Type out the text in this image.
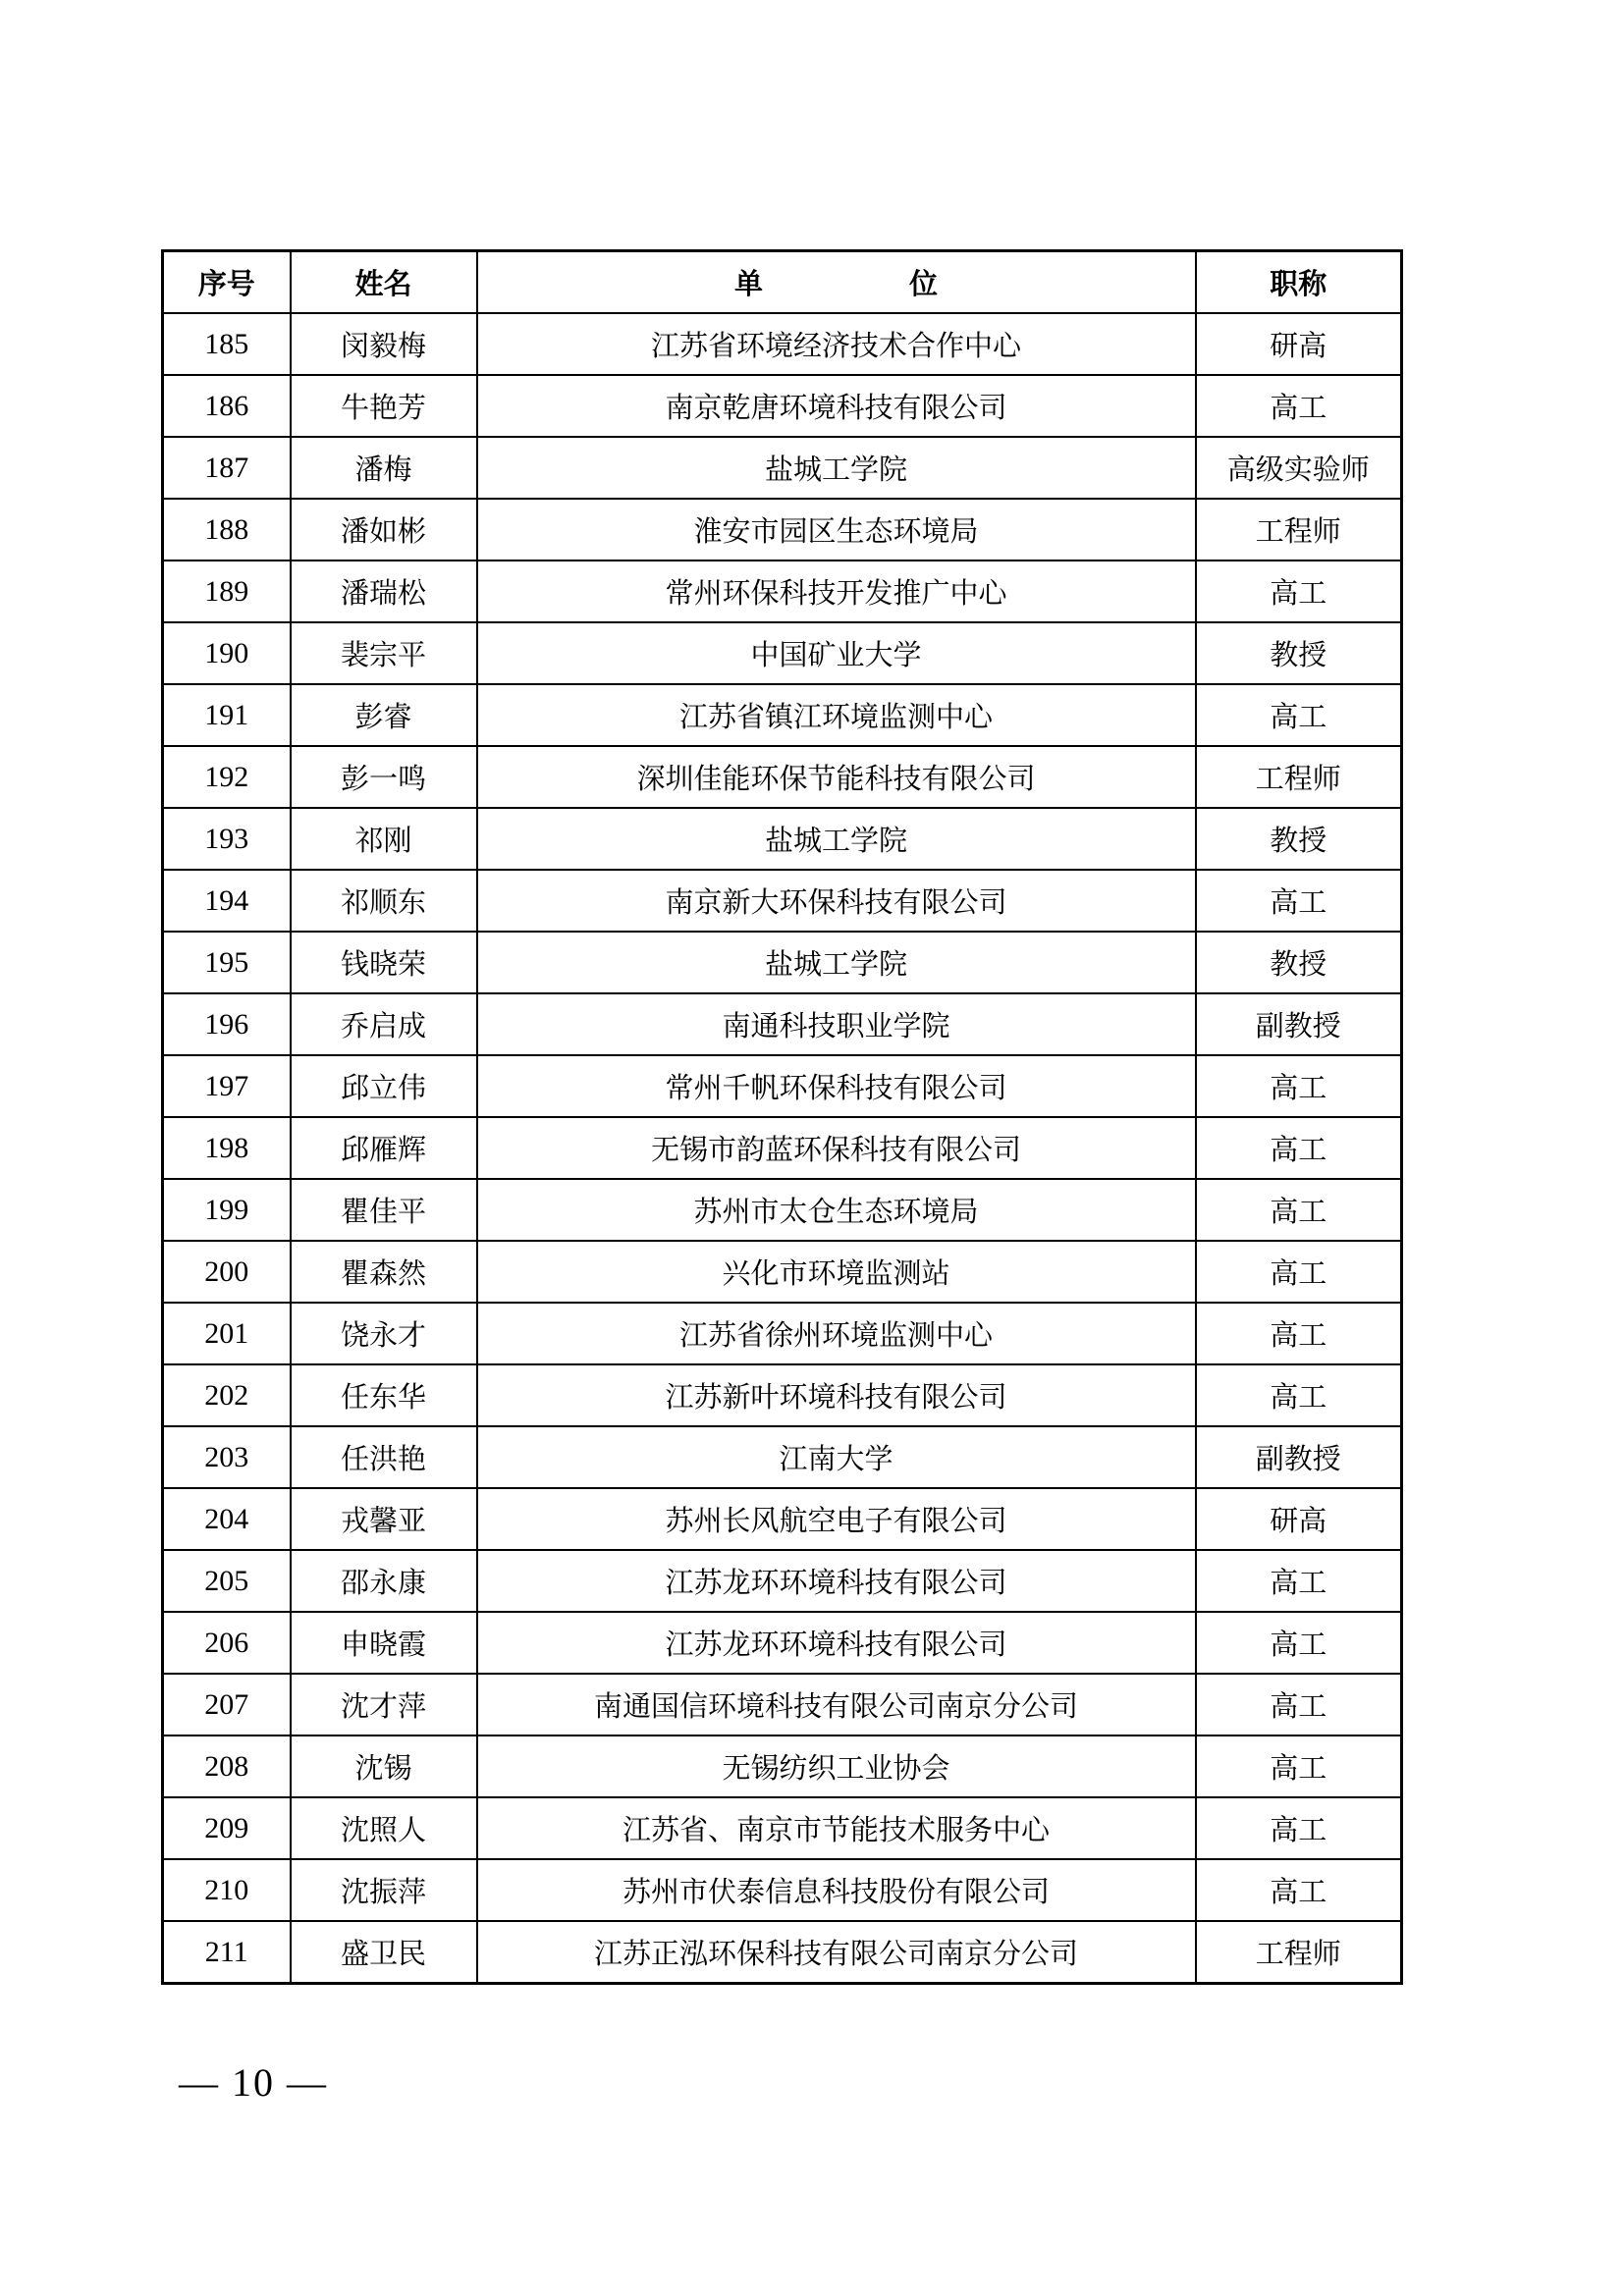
序号	姓名	单　位	职称
185	闵毅梅	江苏省环境经济技术合作中心	研高
186	牛艳芳	南京乾唐环境科技有限公司	高工
187	潘梅	盐城工学院	高级实验师
188	潘如彬	淮安市园区生态环境局	工程师
189	潘瑞松	常州环保科技开发推广中心	高工
190	裴宗平	中国矿业大学	教授
191	彭睿	江苏省镇江环境监测中心	高工
192	彭一鸣	深圳佳能环保节能科技有限公司	工程师
193	祁刚	盐城工学院	教授
194	祁顺东	南京新大环保科技有限公司	高工
195	钱晓荣	盐城工学院	教授
196	乔启成	南通科技职业学院	副教授
197	邱立伟	常州千帆环保科技有限公司	高工
198	邱雁辉	无锡市韵蓝环保科技有限公司	高工
199	瞿佳平	苏州市太仓生态环境局	高工
200	瞿森然	兴化市环境监测站	高工
201	饶永才	江苏省徐州环境监测中心	高工
202	任东华	江苏新叶环境科技有限公司	高工
203	任洪艳	江南大学	副教授
204	戎馨亚	苏州长风航空电子有限公司	研高
205	邵永康	江苏龙环环境科技有限公司	高工
206	申晓霞	江苏龙环环境科技有限公司	高工
207	沈才萍	南通国信环境科技有限公司南京分公司	高工
208	沈锡	无锡纺织工业协会	高工
209	沈照人	江苏省、南京市节能技术服务中心	高工
210	沈振萍	苏州市伏泰信息科技股份有限公司	高工
211	盛卫民	江苏正泓环保科技有限公司南京分公司	工程师
— 10 —
